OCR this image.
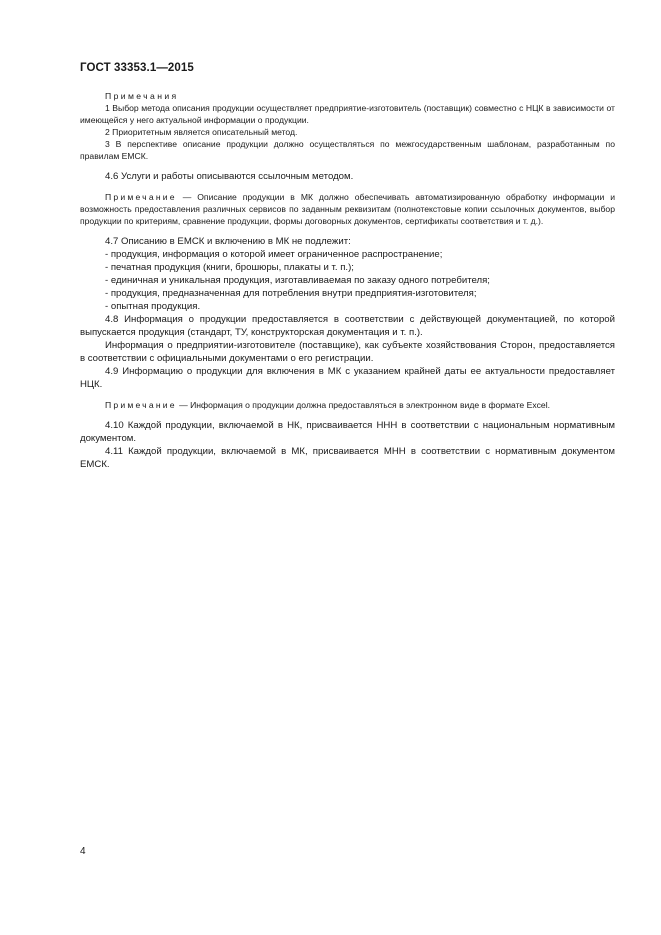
ГОСТ 33353.1—2015

Примечания

1 Выбор метода описания продукции осуществляет предприятие-изготовитель (поставщик) совместно с НЦК в зависимости от имеющейся у него актуальной информации о продукции.

2 Приоритетным является описательный метод.

3 В перспективе описание продукции должно осуществляться по межгосударственным шаблонам, разработанным по правилам ЕМСК.

4.6 Услуги и работы описываются ссылочным методом.

Примечание — Описание продукции в МК должно обеспечивать автоматизированную обработку информации и возможность предоставления различных сервисов по заданным реквизитам (полнотекстовые копии ссылочных документов, выбор продукции по критериям, сравнение продукции, формы договорных документов, сертификаты соответствия и т. д.).

4.7 Описанию в ЕМСК и включению в МК не подлежит:

- продукция, информация о которой имеет ограниченное распространение;

- печатная продукция (книги, брошюры, плакаты и т. п.);

- единичная и уникальная продукция, изготавливаемая по заказу одного потребителя;

- продукция, предназначенная для потребления внутри предприятия-изготовителя;

- опытная продукция.

4.8 Информация о продукции предоставляется в соответствии с действующей документацией, по которой выпускается продукция (стандарт, ТУ, конструкторская документация и т. п.).

Информация о предприятии-изготовителе (поставщике), как субъекте хозяйствования Сторон, предоставляется в соответствии с официальными документами о его регистрации.

4.9 Информацию о продукции для включения в МК с указанием крайней даты ее актуальности предоставляет НЦК.

Примечание — Информация о продукции должна предоставляться в электронном виде в формате Excel.

4.10 Каждой продукции, включаемой в НК, присваивается ННН в соответствии с национальным нормативным документом.

4.11 Каждой продукции, включаемой в МК, присваивается МНН в соответствии с нормативным документом ЕМСК.

4
